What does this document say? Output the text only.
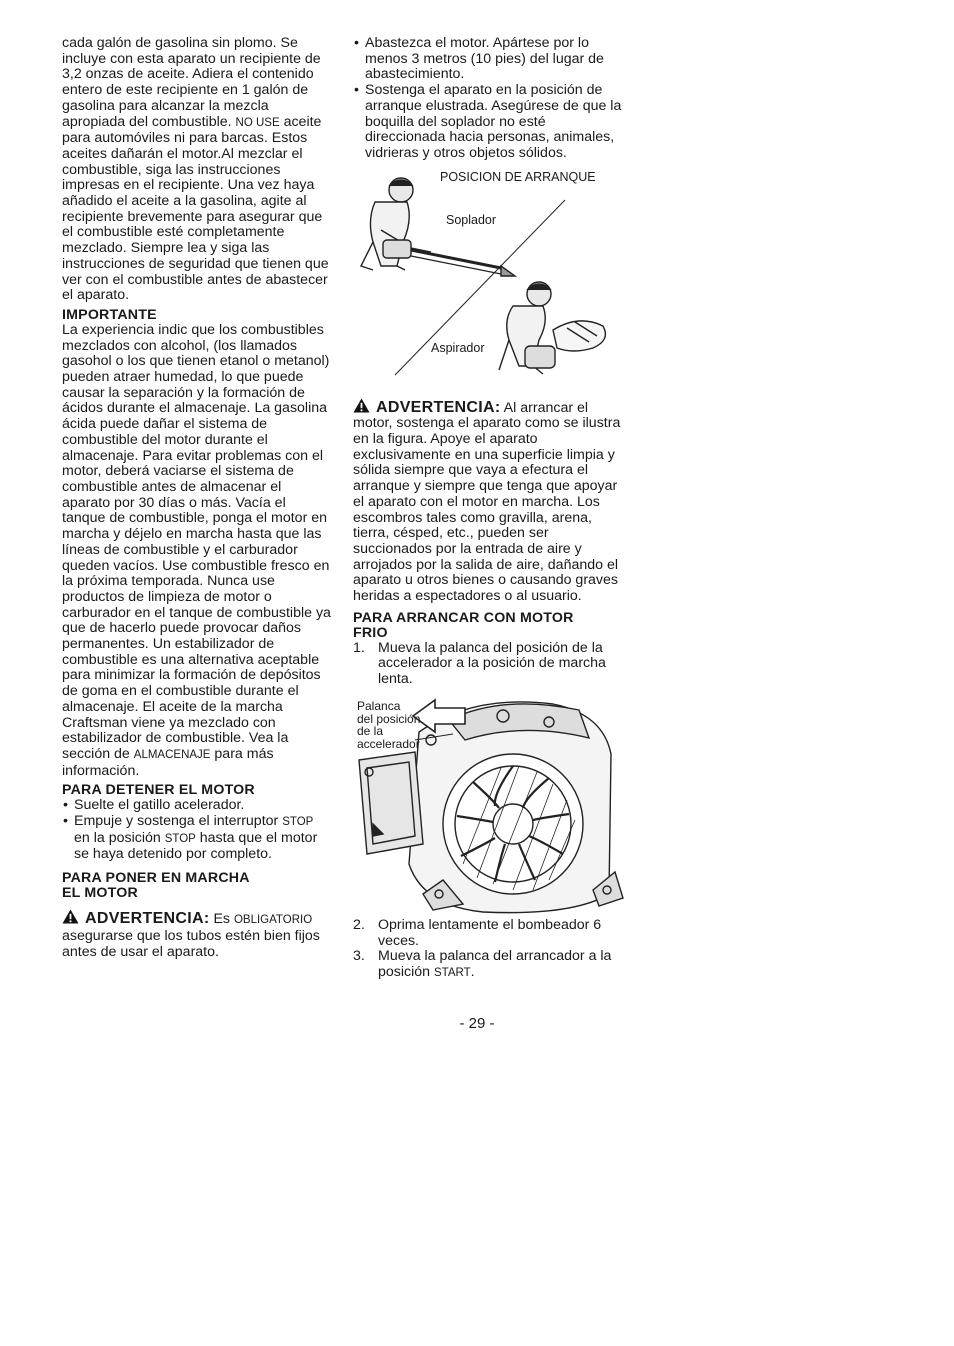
cada galón de gasolina sin plomo. Se incluye con esta aparato un recipiente de 3,2 onzas de aceite. Adiera el contenido entero de este recipiente en 1 galón de gasolina para alcanzar la mezcla apropiada del combustible. NO USE aceite para automóviles ni para barcas. Estos aceites dañarán el motor.Al mezclar el combustible, siga las instrucciones impresas en el recipiente. Una vez haya añadido el aceite a la gasolina, agite al recipiente brevemente para asegurar que el combustible esté completamente mezclado. Siempre lea y siga las instrucciones de seguridad que tienen que ver con el combustible antes de abastecer el aparato.

IMPORTANTE

La experiencia indic que los combustibles mezclados con alcohol, (los llamados gasohol o los que tienen etanol o metanol) pueden atraer humedad, lo que puede causar la separación y la formación de ácidos durante el almacenaje. La gasolina ácida puede dañar el sistema de combustible del motor durante el almacenaje. Para evitar problemas con el motor, deberá vaciarse el sistema de combustible antes de almacenar el aparato por 30 días o más. Vacía el tanque de combustible, ponga el motor en marcha y déjelo en marcha hasta que las líneas de combustible y el carburador queden vacíos. Use combustible fresco en la próxima temporada. Nunca use productos de limpieza de motor o carburador en el tanque de combustible ya que de hacerlo puede provocar daños permanentes. Un estabilizador de combustible es una alternativa aceptable para minimizar la formación de depósitos de goma en el combustible durante el almacenaje. El aceite de la marcha Craftsman viene ya mezclado con estabilizador de combustible. Vea la sección de ALMACENAJE para más información.

PARA DETENER EL MOTOR
• Suelte el gatillo acelerador.
• Empuje y sostenga el interruptor STOP en la posición STOP hasta que el motor se haya detenido por completo.
PARA PONER EN MARCHA
EL MOTOR

ADVERTENCIA: Es OBLIGATORIO asegurarse que los tubos estén bien fijos antes de usar el aparato.

• Abastezca el motor. Apártese por lo menos 3 metros (10 pies) del lugar de abastecimiento.
• Sostenga el aparato en la posición de arranque elustrada. Asegúrese de que la boquilla del soplador no esté direccionada hacia personas, animales, vidrieras y otros objetos sólidos.
POSICION DE ARRANQUE
Soplador
Aspirador

ADVERTENCIA: Al arrancar el motor, sostenga el aparato como se ilustra en la figura. Apoye el aparato exclusivamente en una superficie limpia y sólida siempre que vaya a efectura el arranque y siempre que tenga que apoyar el aparato con el motor en marcha. Los escombros tales como gravilla, arena, tierra, césped, etc., pueden ser succionados por la entrada de aire y arrojados por la salida de aire, dañando el aparato u otros bienes o causando graves heridas a espectadores o al usuario.

PARA ARRANCAR CON MOTOR
FRIO
1. Mueva la palanca del posición de la accelerador a la posición de marcha lenta.
Palanca
del posición
de la
accelerador
2. Oprima lentamente el bombeador 6 veces.
3. Mueva la palanca del arrancador a la posición START.
- 29 -
